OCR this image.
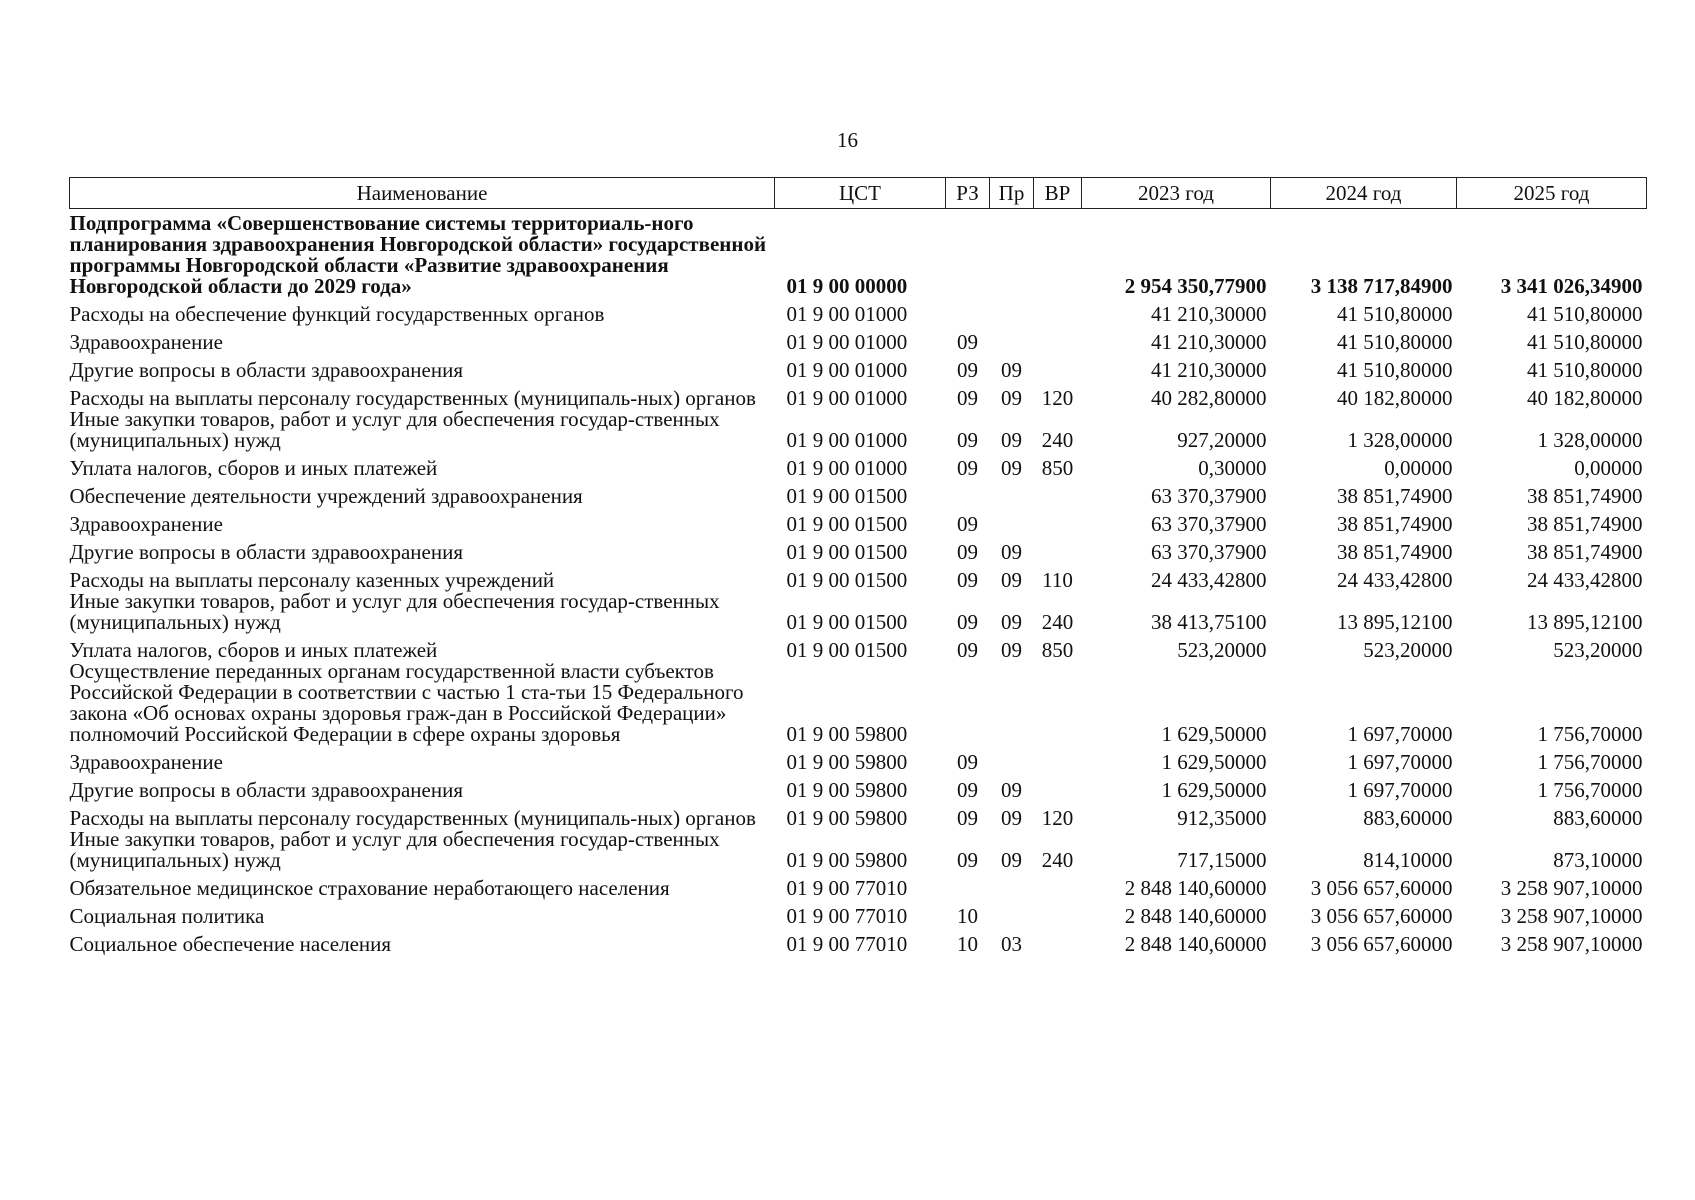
16
Наименование	ЦСТ	РЗ	Пр	ВР	2023 год	2024 год	2025 год
Подпрограмма «Совершенствование системы территориаль-ного планирования здравоохранения Новгородской области» государственной программы Новгородской области «Развитие здравоохранения Новгородской области до 2029 года»	01 9 00 00000				2 954 350,77900	3 138 717,84900	3 341 026,34900
Расходы на обеспечение функций государственных органов	01 9 00 01000				41 210,30000	41 510,80000	41 510,80000
Здравоохранение	01 9 00 01000	09			41 210,30000	41 510,80000	41 510,80000
Другие вопросы в области здравоохранения	01 9 00 01000	09	09		41 210,30000	41 510,80000	41 510,80000
Расходы на выплаты персоналу государственных (муниципаль-ных) органов	01 9 00 01000	09	09	120	40 282,80000	40 182,80000	40 182,80000
Иные закупки товаров, работ и услуг для обеспечения государ-ственных (муниципальных) нужд	01 9 00 01000	09	09	240	927,20000	1 328,00000	1 328,00000
Уплата налогов, сборов и иных платежей	01 9 00 01000	09	09	850	0,30000	0,00000	0,00000
Обеспечение деятельности учреждений здравоохранения	01 9 00 01500				63 370,37900	38 851,74900	38 851,74900
Здравоохранение	01 9 00 01500	09			63 370,37900	38 851,74900	38 851,74900
Другие вопросы в области здравоохранения	01 9 00 01500	09	09		63 370,37900	38 851,74900	38 851,74900
Расходы на выплаты персоналу казенных учреждений	01 9 00 01500	09	09	110	24 433,42800	24 433,42800	24 433,42800
Иные закупки товаров, работ и услуг для обеспечения государ-ственных (муниципальных) нужд	01 9 00 01500	09	09	240	38 413,75100	13 895,12100	13 895,12100
Уплата налогов, сборов и иных платежей	01 9 00 01500	09	09	850	523,20000	523,20000	523,20000
Осуществление переданных органам государственной власти субъектов Российской Федерации в соответствии с частью 1 ста-тьи 15 Федерального закона «Об основах охраны здоровья граж-дан в Российской Федерации» полномочий Российской Федерации в сфере охраны здоровья	01 9 00 59800				1 629,50000	1 697,70000	1 756,70000
Здравоохранение	01 9 00 59800	09			1 629,50000	1 697,70000	1 756,70000
Другие вопросы в области здравоохранения	01 9 00 59800	09	09		1 629,50000	1 697,70000	1 756,70000
Расходы на выплаты персоналу государственных (муниципаль-ных) органов	01 9 00 59800	09	09	120	912,35000	883,60000	883,60000
Иные закупки товаров, работ и услуг для обеспечения государ-ственных (муниципальных) нужд	01 9 00 59800	09	09	240	717,15000	814,10000	873,10000
Обязательное медицинское страхование неработающего населения	01 9 00 77010				2 848 140,60000	3 056 657,60000	3 258 907,10000
Социальная политика	01 9 00 77010	10			2 848 140,60000	3 056 657,60000	3 258 907,10000
Социальное обеспечение населения	01 9 00 77010	10	03		2 848 140,60000	3 056 657,60000	3 258 907,10000
